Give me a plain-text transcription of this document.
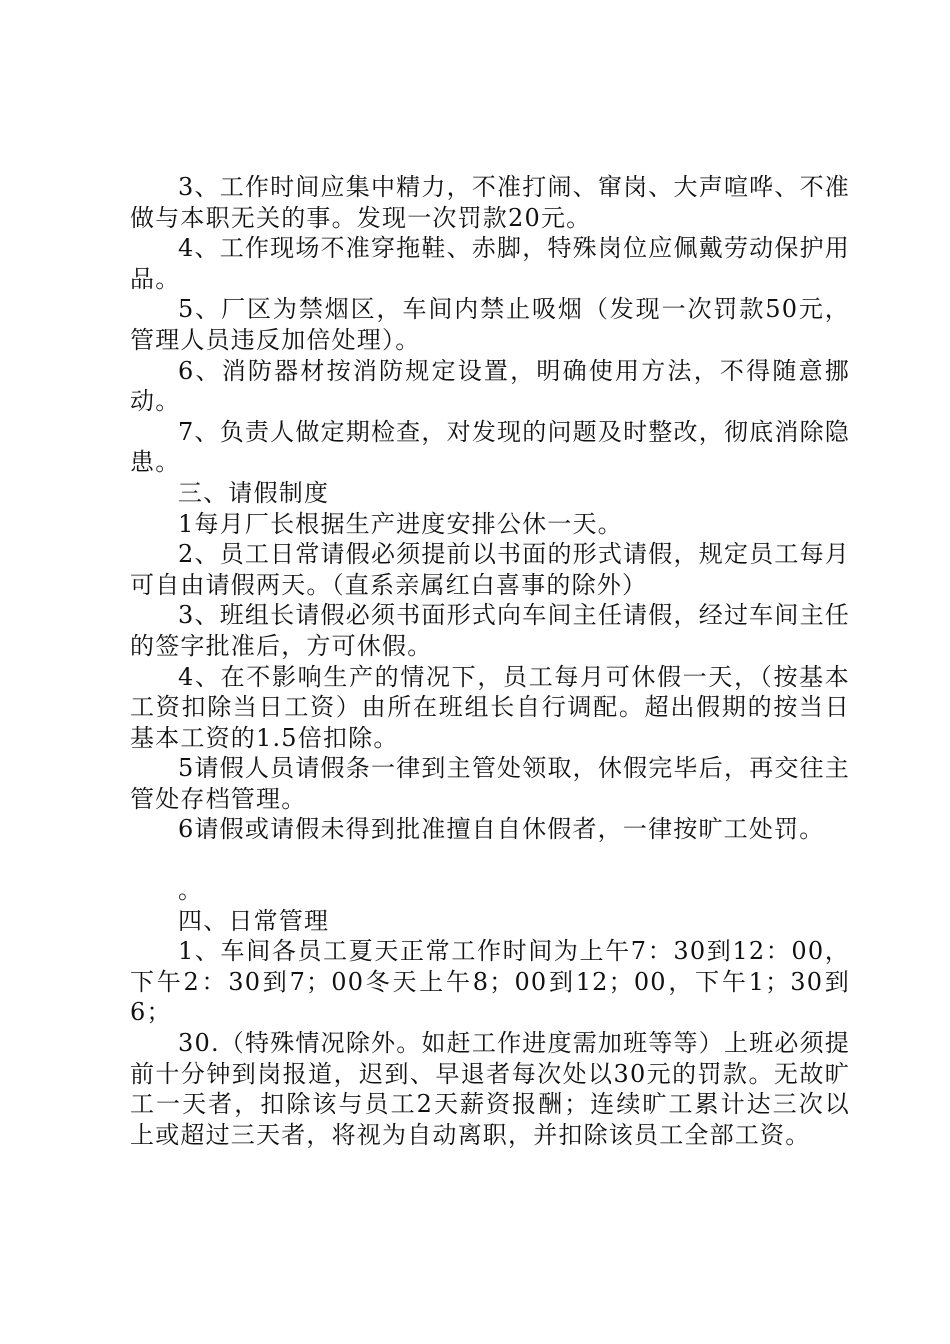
3、工作时间应集中精力，不准打闹、窜岗、大声喧哗、不准做与本职无关的事。发现一次罚款20元。

4、工作现场不准穿拖鞋、赤脚，特殊岗位应佩戴劳动保护用品。

5、厂区为禁烟区，车间内禁止吸烟（发现一次罚款50元，管理人员违反加倍处理）。

6、消防器材按消防规定设置，明确使用方法，不得随意挪动。

7、负责人做定期检查，对发现的问题及时整改，彻底消除隐患。

三、请假制度

1每月厂长根据生产进度安排公休一天。

2、员工日常请假必须提前以书面的形式请假，规定员工每月可自由请假两天。（直系亲属红白喜事的除外）

3、班组长请假必须书面形式向车间主任请假，经过车间主任的签字批准后，方可休假。

4、在不影响生产的情况下，员工每月可休假一天，（按基本工资扣除当日工资）由所在班组长自行调配。超出假期的按当日基本工资的1.5倍扣除。

5请假人员请假条一律到主管处领取，休假完毕后，再交往主管处存档管理。

6请假或请假未得到批准擅自自休假者，一律按旷工处罚。

。

四、日常管理

1、车间各员工夏天正常工作时间为上午7：30到12：00，下午2：30到7；00冬天上午8；00到12；00，下午1；30到6；

30.（特殊情况除外。如赶工作进度需加班等等）上班必须提前十分钟到岗报道，迟到、早退者每次处以30元的罚款。无故旷工一天者，扣除该与员工2天薪资报酬；连续旷工累计达三次以上或超过三天者，将视为自动离职，并扣除该员工全部工资。
